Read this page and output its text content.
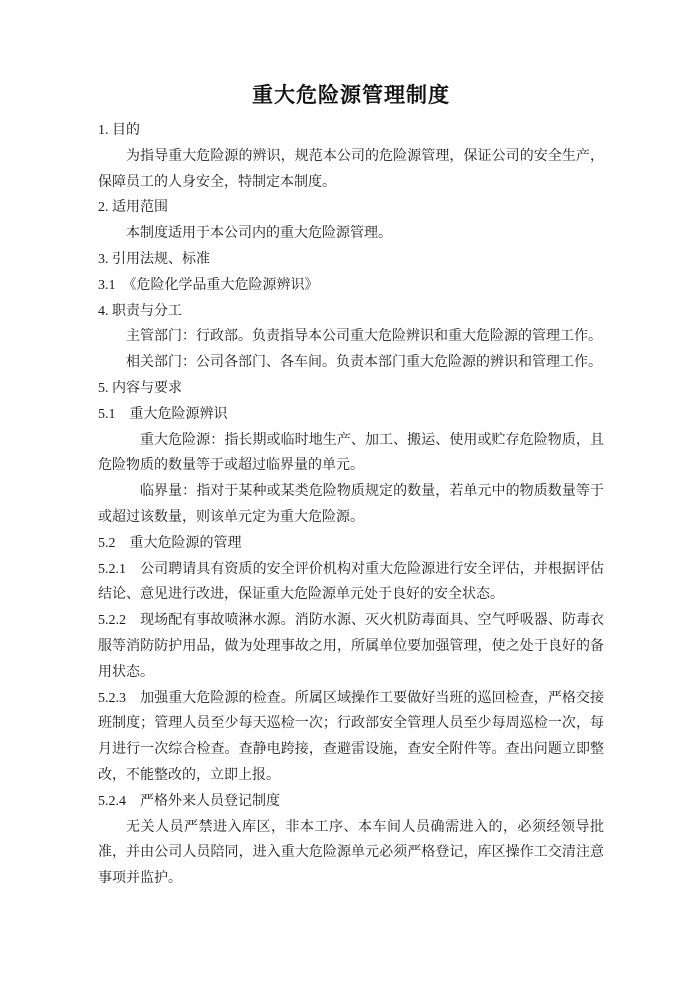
重大危险源管理制度

1. 目的

为指导重大危险源的辨识，规范本公司的危险源管理，保证公司的安全生产，保障员工的人身安全，特制定本制度。

2. 适用范围

本制度适用于本公司内的重大危险源管理。

3. 引用法规、标准

3.1　《危险化学品重大危险源辨识》

4. 职责与分工

主管部门：行政部。负责指导本公司重大危险辨识和重大危险源的管理工作。

相关部门：公司各部门、各车间。负责本部门重大危险源的辨识和管理工作。

5. 内容与要求

5.1　重大危险源辨识

重大危险源：指长期或临时地生产、加工、搬运、使用或贮存危险物质，且危险物质的数量等于或超过临界量的单元。

临界量：指对于某种或某类危险物质规定的数量，若单元中的物质数量等于或超过该数量，则该单元定为重大危险源。

5.2　重大危险源的管理

5.2.1　公司聘请具有资质的安全评价机构对重大危险源进行安全评估，并根据评估结论、意见进行改进，保证重大危险源单元处于良好的安全状态。

5.2.2　现场配有事故喷淋水源。消防水源、灭火机防毒面具、空气呼吸器、防毒衣服等消防防护用品，做为处理事故之用，所属单位要加强管理，使之处于良好的备用状态。

5.2.3　加强重大危险源的检查。所属区域操作工要做好当班的巡回检查，严格交接班制度；管理人员至少每天巡检一次；行政部安全管理人员至少每周巡检一次，每月进行一次综合检查。查静电跨接，查避雷设施，查安全附件等。查出问题立即整改，不能整改的，立即上报。

5.2.4　严格外来人员登记制度

无关人员严禁进入库区，非本工序、本车间人员确需进入的，必须经领导批准，并由公司人员陪同，进入重大危险源单元必须严格登记，库区操作工交清注意事项并监护。
